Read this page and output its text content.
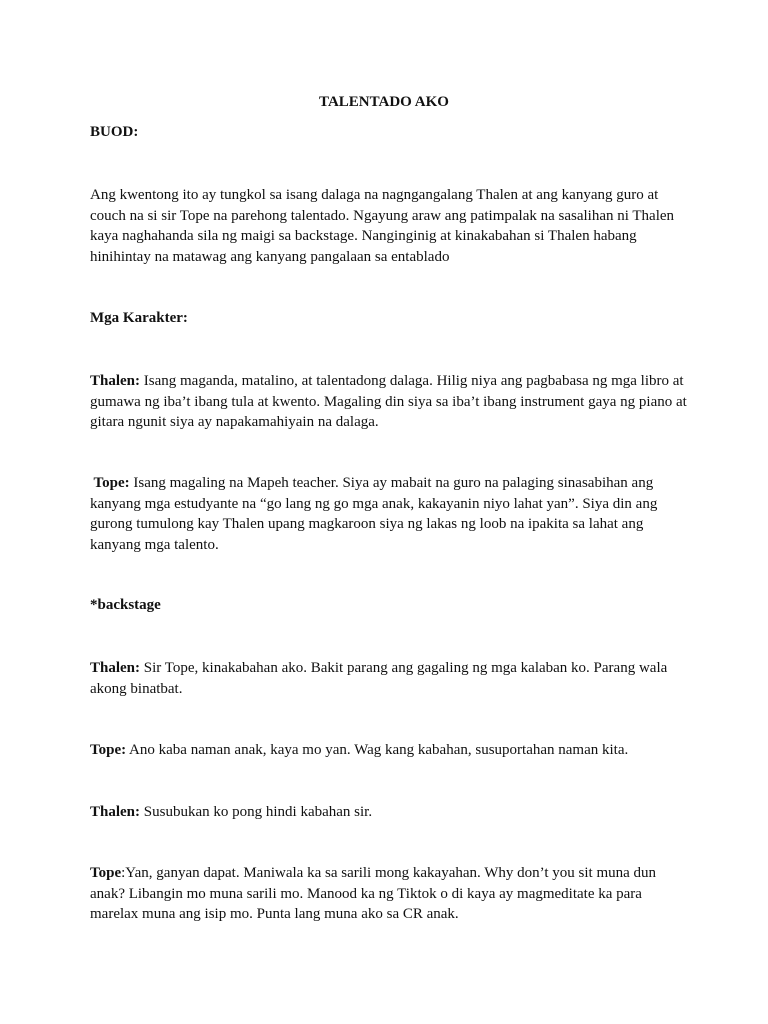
TALENTADO AKO
BUOD:
Ang kwentong ito ay tungkol sa isang dalaga na nagngangalang Thalen at ang kanyang guro at couch na si sir Tope na parehong talentado. Ngayung araw ang patimpalak na sasalihan ni Thalen kaya naghahanda sila ng maigi sa backstage. Nanginginig at kinakabahan si Thalen habang hinihintay na matawag ang kanyang pangalaan sa entablado
Mga Karakter:
Thalen: Isang maganda, matalino, at talentadong dalaga. Hilig niya ang pagbabasa ng mga libro at gumawa ng iba’t ibang tula at kwento. Magaling din siya sa iba’t ibang instrument gaya ng piano at gitara ngunit siya ay napakamahiyain na dalaga.
Tope: Isang magaling na Mapeh teacher. Siya ay mabait na guro na palaging sinasabihan ang kanyang mga estudyante na “go lang ng go mga anak, kakayanin niyo lahat yan”. Siya din ang gurong tumulong kay Thalen upang magkaroon siya ng lakas ng loob na ipakita sa lahat ang kanyang mga talento.
*backstage
Thalen: Sir Tope, kinakabahan ako. Bakit parang ang gagaling ng mga kalaban ko. Parang wala akong binatbat.
Tope: Ano kaba naman anak, kaya mo yan. Wag kang kabahan, susuportahan naman kita.
Thalen: Susubukan ko pong hindi kabahan sir.
Tope:Yan, ganyan dapat. Maniwala ka sa sarili mong kakayahan. Why don’t you sit muna dun anak? Libangin mo muna sarili mo. Manood ka ng Tiktok o di kaya ay magmeditate ka para marelax muna ang isip mo. Punta lang muna ako sa CR anak.
